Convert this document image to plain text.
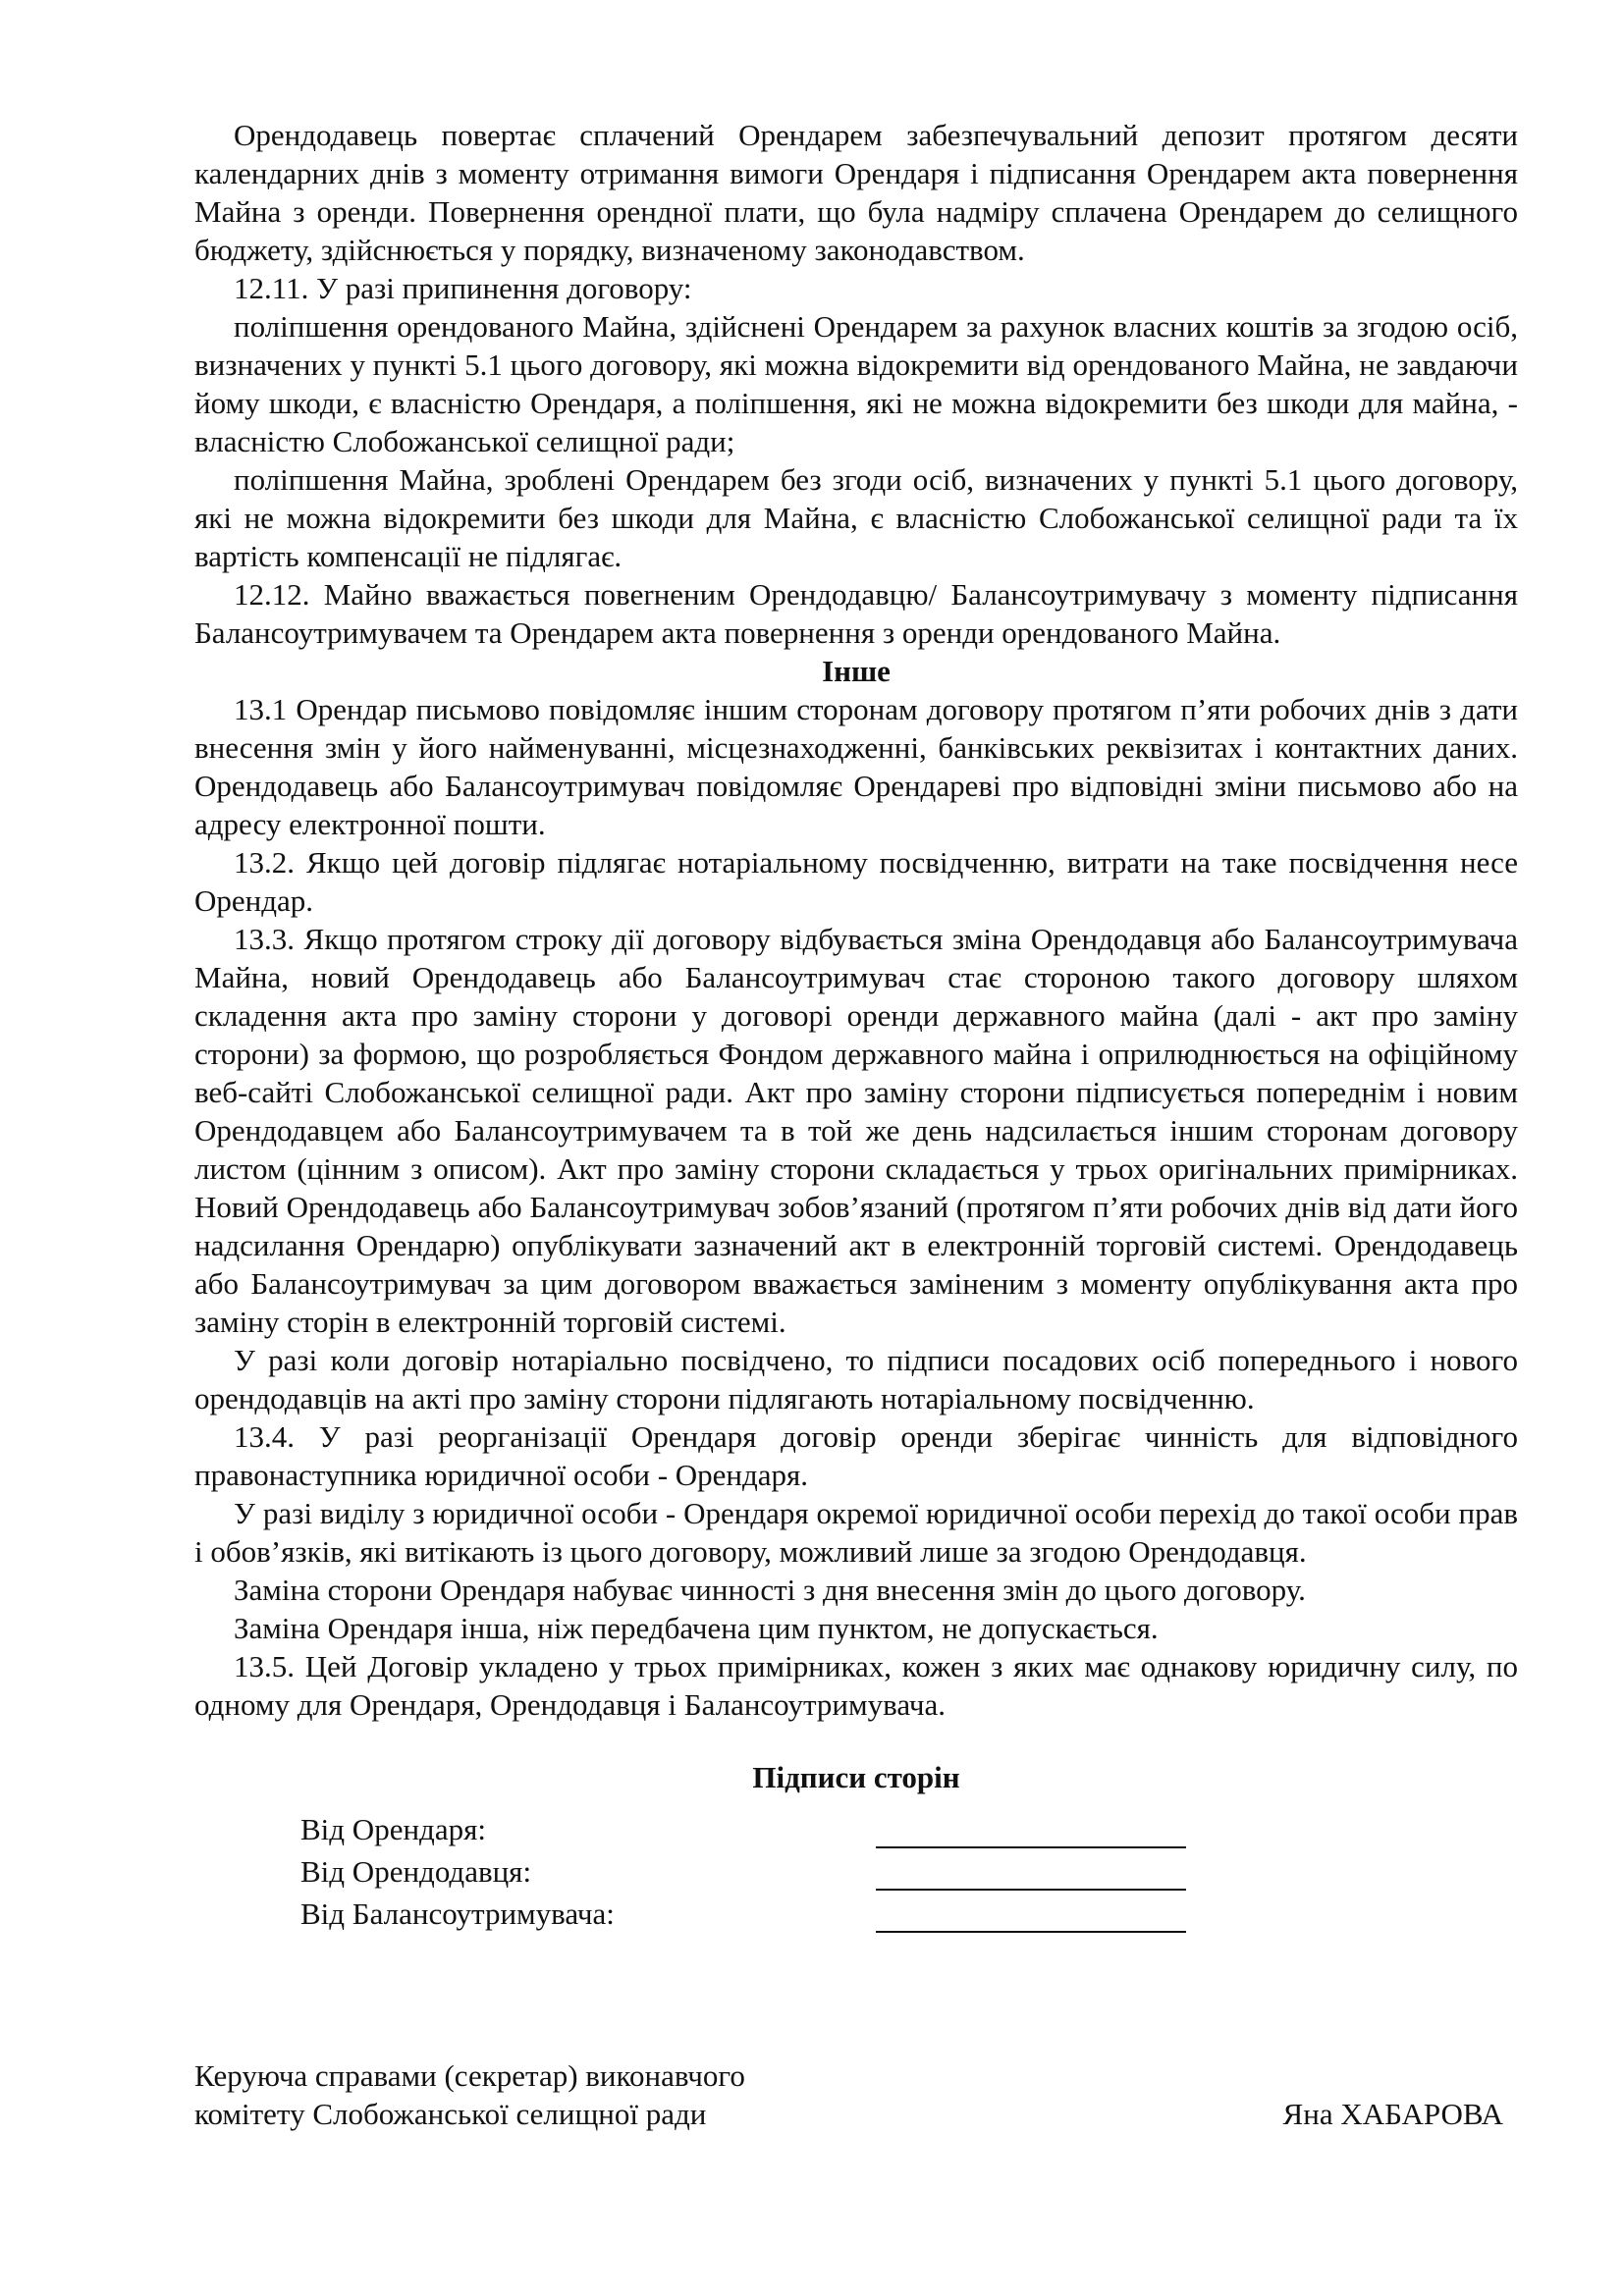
Орендодавець повертає сплачений Орендарем забезпечувальний депозит протягом десяти календарних днів з моменту отримання вимоги Орендаря і підписання Орендарем акта повернення Майна з оренди. Повернення орендної плати, що була надміру сплачена Орендарем до селищного бюджету, здійснюється у порядку, визначеному законодавством.

12.11. У разі припинення договору:

поліпшення орендованого Майна, здійснені Орендарем за рахунок власних коштів за згодою осіб, визначених у пункті 5.1 цього договору, які можна відокремити від орендованого Майна, не завдаючи йому шкоди, є власністю Орендаря, а поліпшення, які не можна відокремити без шкоди для майна, - власністю Слобожанської селищної ради;

поліпшення Майна, зроблені Орендарем без згоди осіб, визначених у пункті 5.1 цього договору, які не можна відокремити без шкоди для Майна, є власністю Слобожанської селищної ради та їх вартість компенсації не підлягає.

12.12. Майно вважається повerненим Орендодавцю/ Балансоутримувачу з моменту підписання Балансоутримувачем та Орендарем акта повернення з оренди орендованого Майна.

Інше

13.1 Орендар письмово повідомляє іншим сторонам договору протягом п’яти робочих днів з дати внесення змін у його найменуванні, місцезнаходженні, банківських реквізитах і контактних даних. Орендодавець або Балансоутримувач повідомляє Орендареві про відповідні зміни письмово або на адресу електронної пошти.

13.2. Якщо цей договір підлягає нотаріальному посвідченню, витрати на таке посвідчення несе Орендар.

13.3. Якщо протягом строку дії договору відбувається зміна Орендодавця або Балансоутримувача Майна, новий Орендодавець або Балансоутримувач стає стороною такого договору шляхом складення акта про заміну сторони у договорі оренди державного майна (далі - акт про заміну сторони) за формою, що розробляється Фондом державного майна і оприлюднюється на офіційному веб-сайті Слобожанської селищної ради. Акт про заміну сторони підписується попереднім і новим Орендодавцем або Балансоутримувачем та в той же день надсилається іншим сторонам договору листом (цінним з описом). Акт про заміну сторони складається у трьох оригінальних примірниках. Новий Орендодавець або Балансоутримувач зобов’язаний (протягом п’яти робочих днів від дати його надсилання Орендарю) опублікувати зазначений акт в електронній торговій системі. Орендодавець або Балансоутримувач за цим договором вважається заміненим з моменту опублікування акта про заміну сторін в електронній торговій системі.

У разі коли договір нотаріально посвідчено, то підписи посадових осіб попереднього і нового орендодавців на акті про заміну сторони підлягають нотаріальному посвідченню.

13.4. У разі реорганізації Орендаря договір оренди зберігає чинність для відповідного правонаступника юридичної особи - Орендаря.

У разі виділу з юридичної особи - Орендаря окремої юридичної особи перехід до такої особи прав і обов’язків, які витікають із цього договору, можливий лише за згодою Орендодавця.

Заміна сторони Орендаря набуває чинності з дня внесення змін до цього договору.

Заміна Орендаря інша, ніж передбачена цим пунктом, не допускається.

13.5. Цей Договір укладено у трьох примірниках, кожен з яких має однакову юридичну силу, по одному для Орендаря, Орендодавця і Балансоутримувача.

Підписи сторін

Від Орендаря:
Від Орендодавця:
Від Балансоутримувача:
Керуюча справами (секретар) виконавчого
комітету Слобожанської селищної ради	Яна ХАБАРОВА
